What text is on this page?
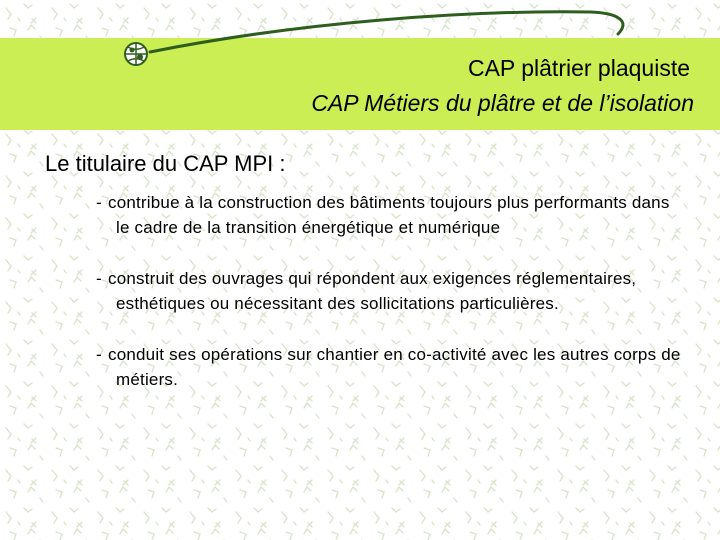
CAP plâtrier plaquiste
CAP Métiers du plâtre et de l’isolation
Le titulaire du CAP MPI :
- contribue à la construction des bâtiments toujours plus performants dans le cadre de la transition énergétique et numérique
- construit des ouvrages qui répondent aux exigences réglementaires, esthétiques ou nécessitant des sollicitations particulières.
- conduit ses opérations sur chantier en co-activité avec les autres corps de métiers.
